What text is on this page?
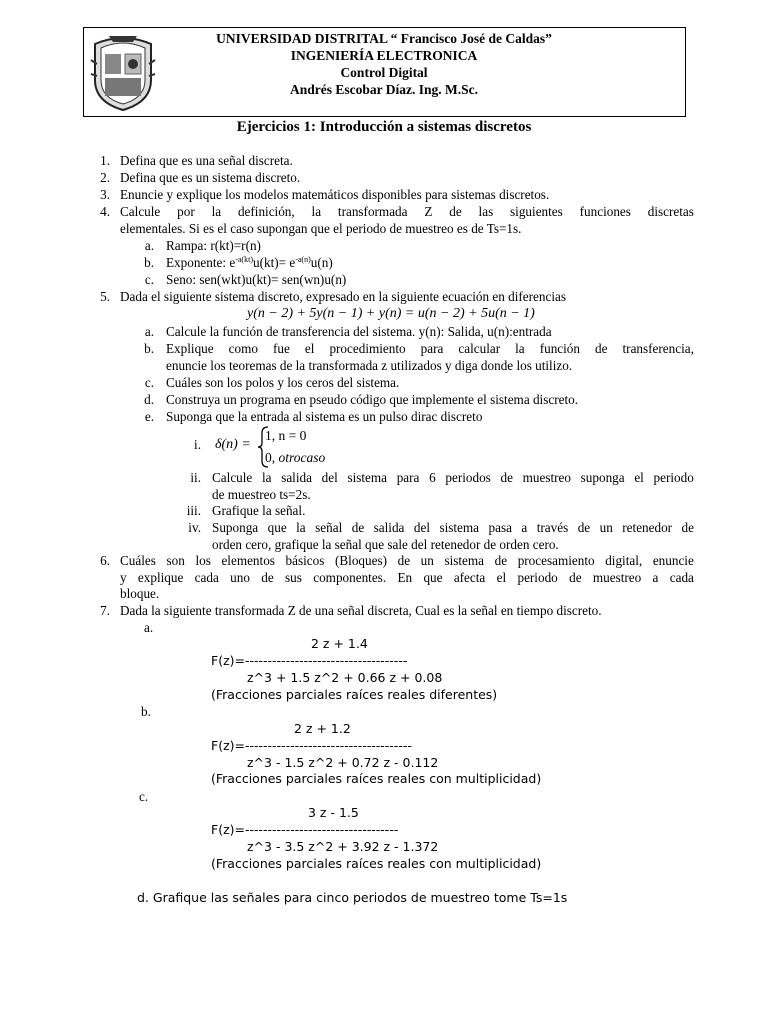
UNIVERSIDAD DISTRITAL “ Francisco José de Caldas”
INGENIERÍA ELECTRONICA
Control Digital
Andrés Escobar Díaz. Ing. M.Sc.
Ejercicios 1: Introducción a sistemas discretos
1. Defina que es una señal discreta.
2. Defina que es un sistema discreto.
3. Enuncie y explique los modelos matemáticos disponibles para sistemas discretos.
4. Calcule por la definición, la transformada Z de las siguientes funciones discretas
elementales. Si es el caso supongan que el periodo de muestreo es de Ts=1s.
a. Rampa: r(kt)=r(n)
b. Exponente: $e^{-a(kt)}u(kt)= e^{-a(n)}u(n)$
c. Seno: sen(wkt)u(kt)= sen(wn)u(n)
5. Dada el siguiente sistema discreto, expresado en la siguiente ecuación en diferencias
y(n − 2) + 5y(n − 1) + y(n) = u(n − 2) + 5u(n − 1)
a. Calcule la función de transferencia del sistema. y(n): Salida, u(n):entrada
b. Explique como fue el procedimiento para calcular la función de transferencia,
enuncie los teoremas de la transformada z utilizados y diga donde los utilizo.
c. Cuáles son los polos y los ceros del sistema.
d. Construya un programa en pseudo código que implemente el sistema discreto.
e. Suponga que la entrada al sistema es un pulso dirac discreto
i. δ(n) =
1, n = 0
0, otrocaso
ii. Calcule la salida del sistema para 6 periodos de muestreo suponga el periodo
de muestreo ts=2s.
iii. Grafique la señal.
iv. Suponga que la señal de salida del sistema pasa a través de un retenedor de
orden cero, grafique la señal que sale del retenedor de orden cero.
6. Cuáles son los elementos básicos (Bloques) de un sistema de procesamiento digital, enuncie
y explique cada uno de sus componentes. En que afecta el periodo de muestreo a cada
bloque.
7. Dada la siguiente transformada Z de una señal discreta, Cual es la señal en tiempo discreto.
a.
2 z + 1.4
F(z)=------------------------------------
z^3 + 1.5 z^2 + 0.66 z + 0.08
(Fracciones parciales raíces reales diferentes)
b.
2 z + 1.2
F(z)=-------------------------------------
z^3 - 1.5 z^2 + 0.72 z - 0.112
(Fracciones parciales raíces reales con multiplicidad)
c.
3 z - 1.5
F(z)=----------------------------------
z^3 - 3.5 z^2 + 3.92 z - 1.372
(Fracciones parciales raíces reales con multiplicidad)
d. Grafique las señales para cinco periodos de muestreo tome Ts=1s
